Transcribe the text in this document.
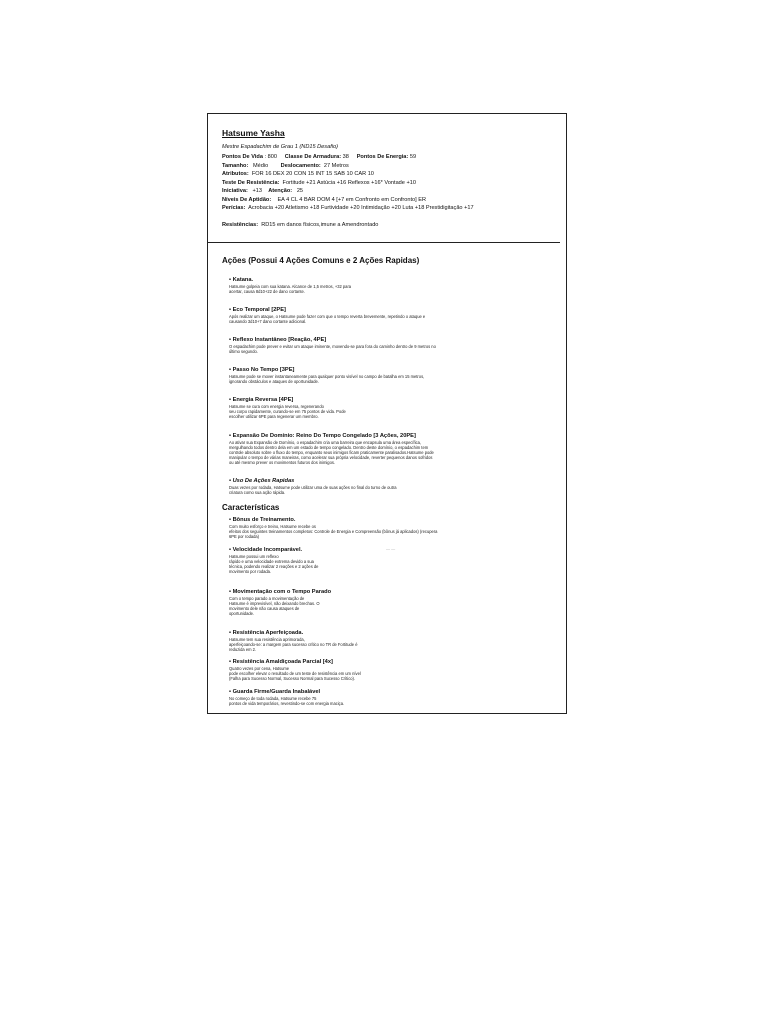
Hatsume Yasha
Mestre Espadachim de Grau 1 (ND15 Desafio)
Pontos De Vida : 800 Classe De Armadura: 38 Pontos De Energia: 59
Tamanho: Médio Deslocamento: 27 Metros
Atributos: FOR 16 DEX 20 CON 15 INT 15 SAB 10 CAR 10
Teste De Resistência: Fortitude +21 Astúcia +16 Reflexos +16* Vontade +10
Iniciativa: +13 Atenção: 25
Níveis De Aptidão: EA 4 CL 4 BAR DOM 4 [+7 em Confronto em Confronto] ER
Perícias: Acrobacia +20 Atletismo +18 Furtividade +20 Intimidação +20 Luta +18 Prestidigitação +17
Resistências: RD15 em danos físicos,imune a Amendrontado
Ações (Possui 4 Ações Comuns e 2 Ações Rapidas)
• Katana.
Hatsume golpeia com sua katana. Alcance de 1,5 metros, +32 para
acertar, causa 8d10+22 de dano cortante.
• Eco Temporal [2PE]
Após realizar um ataque, o Hatsume pode fazer com que o tempo reverta brevemente, repetindo o ataque e
causando 3d10+7 dano cortante adicional.
• Reflexo Instantâneo [Reação, 4PE]
O espadachim pode prever e evitar um ataque iminente, movendo-se para fora do caminho dentro de 9 metros no
último segundo.
• Passo No Tempo [3PE]
Hatsume pode se mover instantaneamente para qualquer ponto visível no campo de batalha em 15 metros,
ignorando obstáculos e ataques de oportunidade.
• Energia Reversa [4PE]
Hatsume se cura com energia reversa, regenerando
seu corpo rapidamente, curando-se em 75 pontos de vida. Pode
escolher utilizar 6PE para regenerar um membro.
• Expansão De Domínio: Reino Do Tempo Congelado [3 Ações, 20PE]
Ao ativar sua Expansão de Domínio, o espadachim cria uma barreira que encapsula uma área específica,
mergulhando todos dentro dela em um estado de tempo congelado. Dentro deste domínio, o espadachim tem
controle absoluto sobre o fluxo do tempo, enquanto seus inimigos ficam praticamente paralisados.Hatsume pode
manipular o tempo de várias maneiras, como acelerar sua própria velocidade, reverter pequenos danos sofridos
ou até mesmo prever os movimentos futuros dos inimigos.
• Uso De Ações Rapidas
Duas vezes por rodada, Hatsume pode utilizar uma de suas ações no final do turno de outra
criatura como sua ação rápida.
Características
• Bônus de Treinamento.
Com muito esforço e treino, Hatsume recebe os
efeitos dos seguintes treinamentos completos: Controle de Energia e Compreensão (bônus já aplicados) (recupera
6PE por rodada)
— —
• Velocidade Incomparável.
Hatsume possui um reflexo
rápido e uma velocidade extrema devido a sua
técnica, podendo realizar 2 reações e 2 ações de
movimento por rodada.
• Movimentação com o Tempo Parado
Com o tempo parado a movimentação de
Hatsume é imprevisível, não deixando brechas. O
movimento dele não causa ataques de
oportunidade.
• Resistência Aperfeiçoada.
Hatsume tem sua resistência aprimorada,
aperfeiçoando-se: a margem para sucesso crítico no TR de Fortitude é
reduzida em 2.
• Resistência Amaldiçoada Parcial [4x]
Quatro vezes por cena, Hatsume
pode escolher elevar o resultado de um teste de resistência em um nível
(Falha para Sucesso Normal, Sucesso Normal para Sucesso Crítico).
• Guarda Firme/Guarda Inabalável
No começo de toda rodada, Hatsume recebe 75
pontos de vida temporários, revestindo-se com energia maciça.
